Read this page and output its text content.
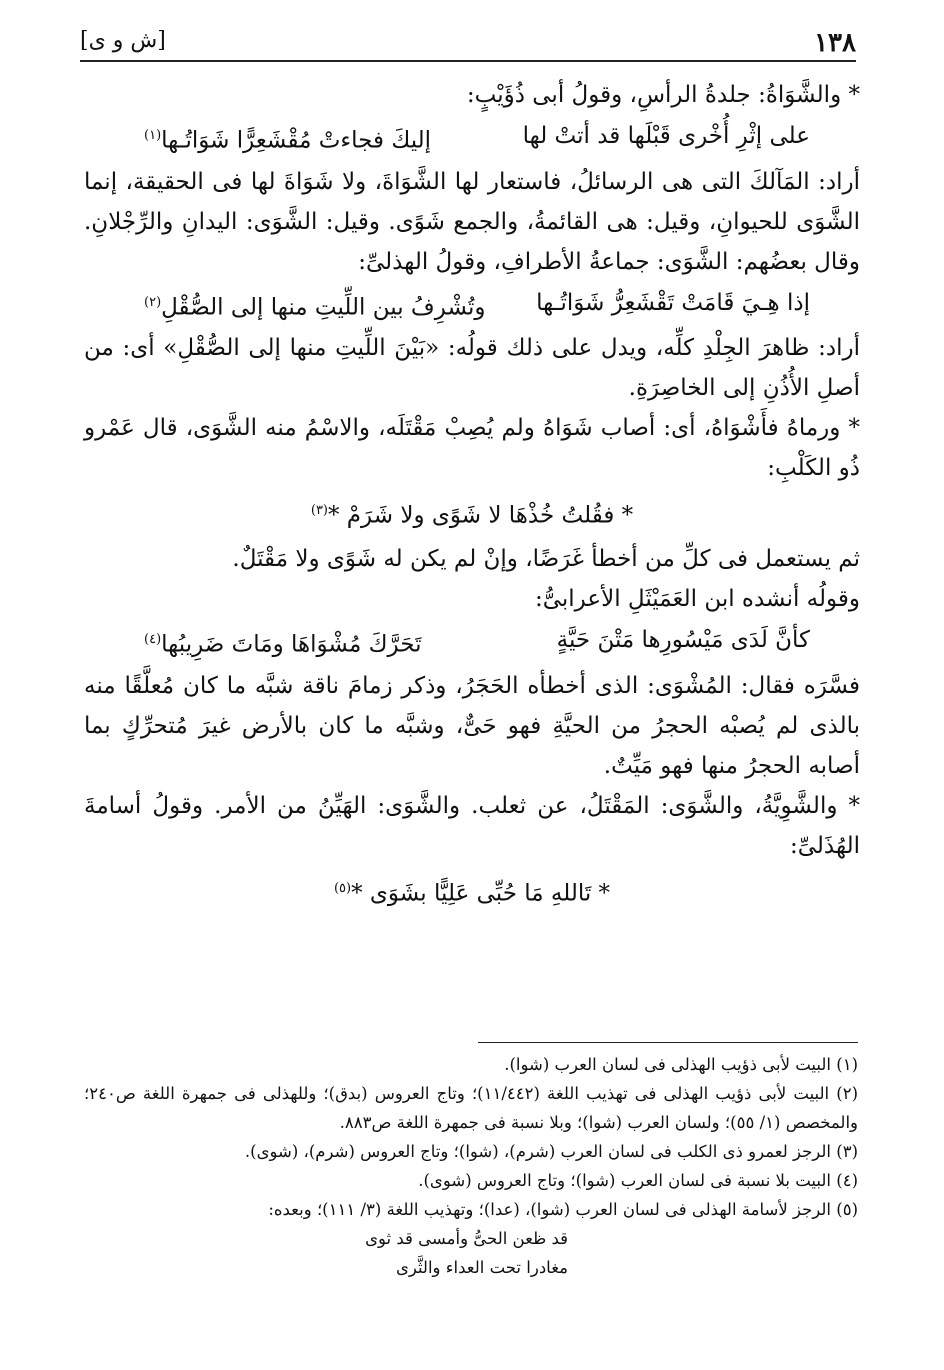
١٣٨
[ش و ى]

* والشَّوَاةُ: جلدةُ الرأسِ، وقولُ أبى ذُؤَيْبٍ:

على إثْرِ أُخْرى قَبْلَها قد أتتْ لها
إليكَ فجاءتْ مُقْشَعِرًّا شَوَاتُـها$^{(١)}$

أراد: المَآلكَ التى هى الرسائلُ، فاستعار لها الشَّوَاةَ، ولا شَوَاةَ لها فى الحقيقة، إنما الشَّوَى للحيوانِ، وقيل: هى القائمةُ، والجمع شَوًى. وقيل: الشَّوَى: اليدانِ والرِّجْلانِ. وقال بعضُهم: الشَّوَى: جماعةُ الأطرافِ، وقولُ الهذلىِّ:

إذا هِـيَ قَامَتْ تَقْشَعِرُّ شَوَاتُـها
وتُشْرِفُ بين اللِّيتِ منها إلى الصُّقْلِ$^{(٢)}$

أراد: ظاهرَ الجِلْدِ كلِّه، ويدل على ذلك قولُه: «بَيْنَ اللِّيتِ منها إلى الصُّقْلِ» أى: من أصلِ الأُذُنِ إلى الخاصِرَةِ.

* ورماهُ فأَشْوَاهُ، أى: أصاب شَوَاهُ ولم يُصِبْ مَقْتَلَه، والاسْمُ منه الشَّوَى، قال عَمْرو ذُو الكَلْبِ:

* فقُلتُ خُذْهَا لا شَوًى ولا شَرَمْ *$^{(٣)}$

ثم يستعمل فى كلِّ من أخطأ غَرَضًا، وإنْ لم يكن له شَوًى ولا مَقْتَلٌ.

وقولُه أنشده ابن العَمَيْثَلِ الأعرابىُّ:

كأنَّ لَدَى مَيْسُورِها مَتْنَ حَيَّةٍ
تَحَرَّكَ مُشْوَاهَا ومَاتَ ضَرِيبُها$^{(٤)}$

فسَّرَه فقال: المُشْوَى: الذى أخطأه الحَجَرُ، وذكر زمامَ ناقة شبَّه ما كان مُعلَّقًا منه بالذى لم يُصبْه الحجرُ من الحيَّةِ فهو حَىٌّ، وشبَّه ما كان بالأرض غيرَ مُتحرِّكٍ بما أصابه الحجرُ منها فهو مَيِّتٌ.

* والشَّوِيَّةُ، والشَّوَى: المَقْتَلُ، عن ثعلب. والشَّوَى: الهَيِّنُ من الأمر. وقولُ أسامةَ الهُذَلىِّ:

* تَاللهِ مَا حُبِّى عَلِيًّا بشَوَى *$^{(٥)}$

(١) البيت لأبى ذؤيب الهذلى فى لسان العرب (شوا).

(٢) البيت لأبى ذؤيب الهذلى فى تهذيب اللغة (١١/٤٤٢)؛ وتاج العروس (بدق)؛ وللهذلى فى جمهرة اللغة ص٢٤٠؛ والمخصص (١/ ٥٥)؛ ولسان العرب (شوا)؛ وبلا نسبة فى جمهرة اللغة ص٨٨٣.

(٣) الرجز لعمرو ذى الكلب فى لسان العرب (شرم)، (شوا)؛ وتاج العروس (شرم)، (شوى).

(٤) البيت بلا نسبة فى لسان العرب (شوا)؛ وتاج العروس (شوى).

(٥) الرجز لأسامة الهذلى فى لسان العرب (شوا)، (عدا)؛ وتهذيب اللغة (٣/ ١١١)؛ وبعده:

قد ظعن الحىُّ وأمسى قد ثوى

مغادرا تحت العداء والثَّرى
